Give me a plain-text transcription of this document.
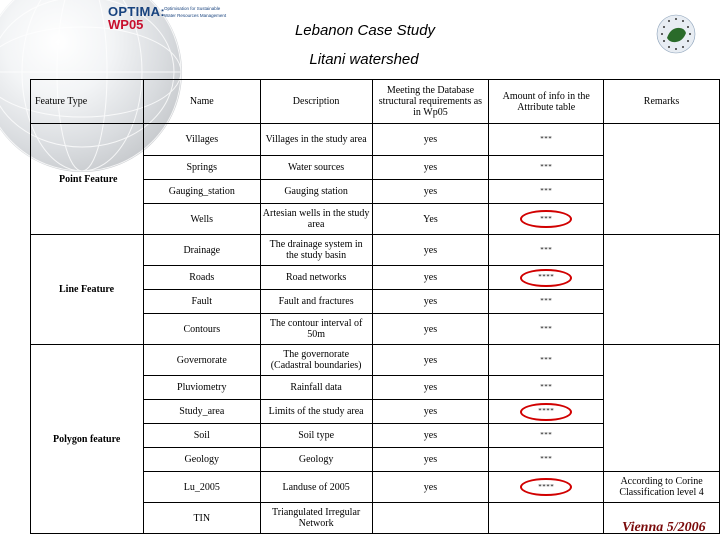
OPTIMA:
WP05
Optimisation for Sustainable
Water Resources Management
Lebanon Case Study
Litani watershed
Feature Type	Name	Description	Meeting the Database structural requirements as in Wp05	Amount of info in the Attribute table	Remarks
Point Feature	Villages	Villages in the study area	yes	***	
	Springs	Water sources	yes	***	
	Gauging_station	Gauging station	yes	***	
	Wells	Artesian wells in the study area	Yes	***	

Line Feature	Drainage	The drainage system in the study basin	yes	***	
	Roads	Road networks	yes	****	

	Fault	Fault and fractures	yes	***	
	Contours	The contour interval of 50m	yes	***	
Polygon feature	Governorate	The governorate (Cadastral boundaries)	yes	***	
	Pluviometry	Rainfall data	yes	***	
	Study_area	Limits of the study area	yes	****	

	Soil	Soil type	yes	***	
	Geology	Geology	yes	***	
	Lu_2005	Landuse of 2005	yes	****	According to Corine Classification level 4
	TIN	Triangulated Irregular Network				Vienna 5/2006
